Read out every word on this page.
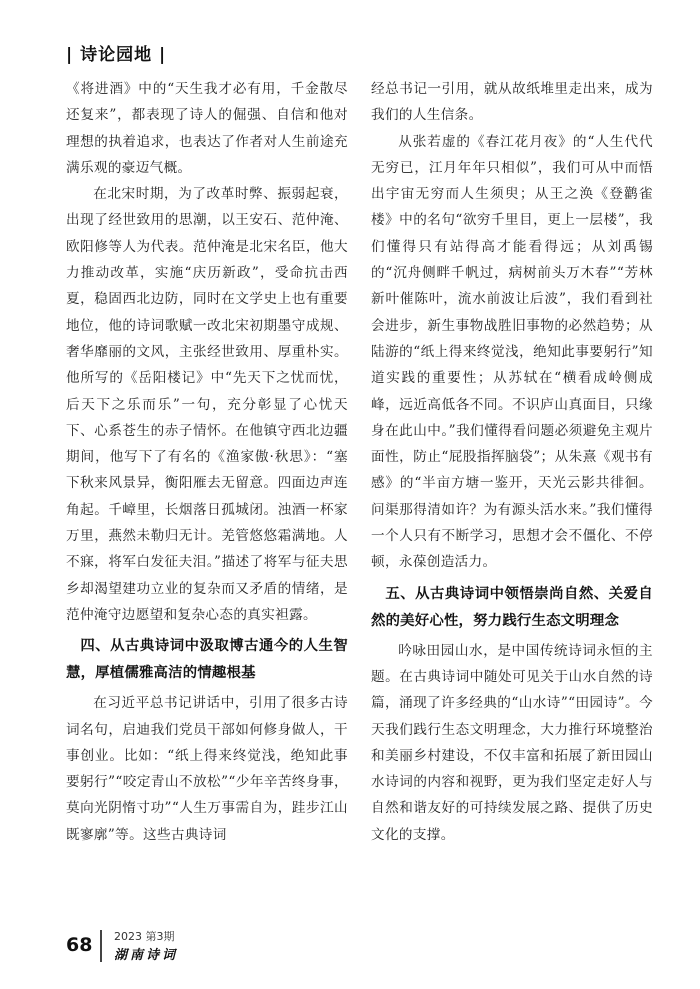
| 诗论园地 |

《将进酒》中的“天生我才必有用，千金散尽还复来”，都表现了诗人的倔强、自信和他对理想的执着追求，也表达了作者对人生前途充满乐观的豪迈气概。

在北宋时期，为了改革时弊、振弱起衰，出现了经世致用的思潮，以王安石、范仲淹、欧阳修等人为代表。范仲淹是北宋名臣，他大力推动改革，实施“庆历新政”，受命抗击西夏，稳固西北边防，同时在文学史上也有重要地位，他的诗词歌赋一改北宋初期墨守成规、奢华靡丽的文风，主张经世致用、厚重朴实。他所写的《岳阳楼记》中“先天下之忧而忧，后天下之乐而乐”一句，充分彰显了心忧天下、心系苍生的赤子情怀。在他镇守西北边疆期间，他写下了有名的《渔家傲·秋思》：“塞下秋来风景异，衡阳雁去无留意。四面边声连角起。千嶂里，长烟落日孤城闭。浊酒一杯家万里，燕然未勒归无计。羌管悠悠霜满地。人不寐，将军白发征夫泪。”描述了将军与征夫思乡却渴望建功立业的复杂而又矛盾的情绪，是范仲淹守边愿望和复杂心态的真实袒露。

四、从古典诗词中汲取博古通今的人生智慧，厚植儒雅高洁的情趣根基

在习近平总书记讲话中，引用了很多古诗词名句，启迪我们党员干部如何修身做人，干事创业。比如：“纸上得来终觉浅，绝知此事要躬行”“咬定青山不放松”“少年辛苦终身事，莫向光阴惰寸功”“人生万事需自为，跬步江山既寥廓”等。这些古典诗词

经总书记一引用，就从故纸堆里走出来，成为我们的人生信条。

从张若虚的《春江花月夜》的“人生代代无穷已，江月年年只相似”，我们可从中而悟出宇宙无穷而人生须臾；从王之涣《登鹳雀楼》中的名句“欲穷千里目，更上一层楼”，我们懂得只有站得高才能看得远；从刘禹锡的“沉舟侧畔千帆过，病树前头万木春”“芳林新叶催陈叶，流水前波让后波”，我们看到社会进步，新生事物战胜旧事物的必然趋势；从陆游的“纸上得来终觉浅，绝知此事要躬行”知道实践的重要性；从苏轼在“横看成岭侧成峰，远近高低各不同。不识庐山真面目，只缘身在此山中。”我们懂得看问题必须避免主观片面性，防止“屁股指挥脑袋”；从朱熹《观书有感》的“半亩方塘一鉴开，天光云影共徘徊。问渠那得清如许？为有源头活水来。”我们懂得一个人只有不断学习，思想才会不僵化、不停顿，永葆创造活力。

五、从古典诗词中领悟崇尚自然、关爱自然的美好心性，努力践行生态文明理念

吟咏田园山水，是中国传统诗词永恒的主题。在古典诗词中随处可见关于山水自然的诗篇，涌现了许多经典的“山水诗”“田园诗”。今天我们践行生态文明理念，大力推行环境整治和美丽乡村建设，不仅丰富和拓展了新田园山水诗词的内容和视野，更为我们坚定走好人与自然和谐友好的可持续发展之路、提供了历史文化的支撑。

68 2023 第3期
湖南诗词
